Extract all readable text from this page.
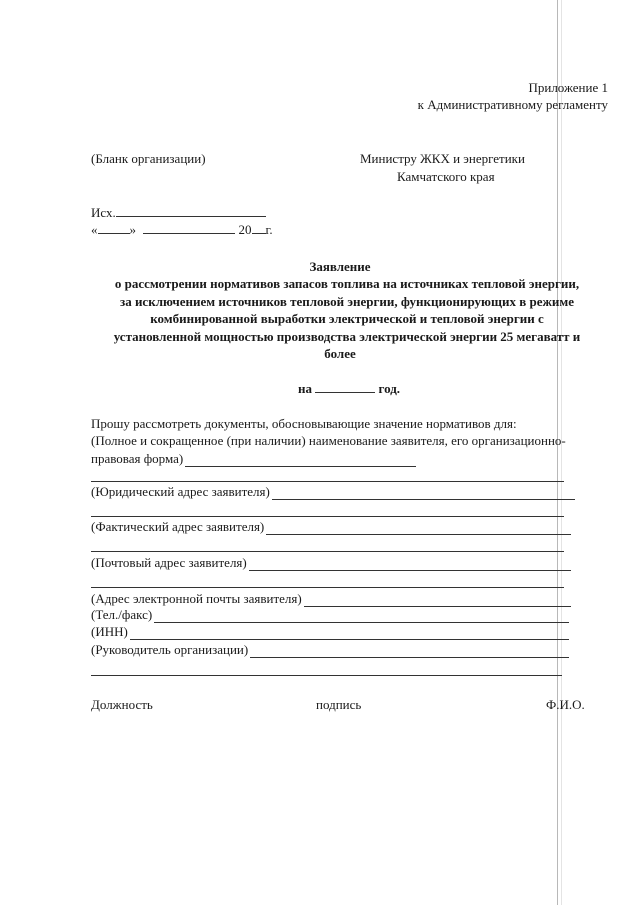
Приложение 1
к Административному регламенту
(Бланк организации)	Министру ЖКХ и энергетики
Камчатского края
Исх.
« »	20 г.
Заявление
о рассмотрении нормативов запасов топлива на источниках тепловой энергии,
за исключением источников тепловой энергии, функционирующих в режиме
комбинированной выработки электрической и тепловой энергии с
установленной мощностью производства электрической энергии 25 мегаватт и
более
на	год.
Прошу рассмотреть документы, обосновывающие значение нормативов для:
(Полное и сокращенное (при наличии) наименование заявителя, его организационно-
правовая форма)
(Юридический адрес заявителя)
(Фактический адрес заявителя)
(Почтовый адрес заявителя)
(Адрес электронной почты заявителя)
(Тел./факс)
(ИНН)
(Руководитель организации)
Должность	подпись	Ф.И.О.
